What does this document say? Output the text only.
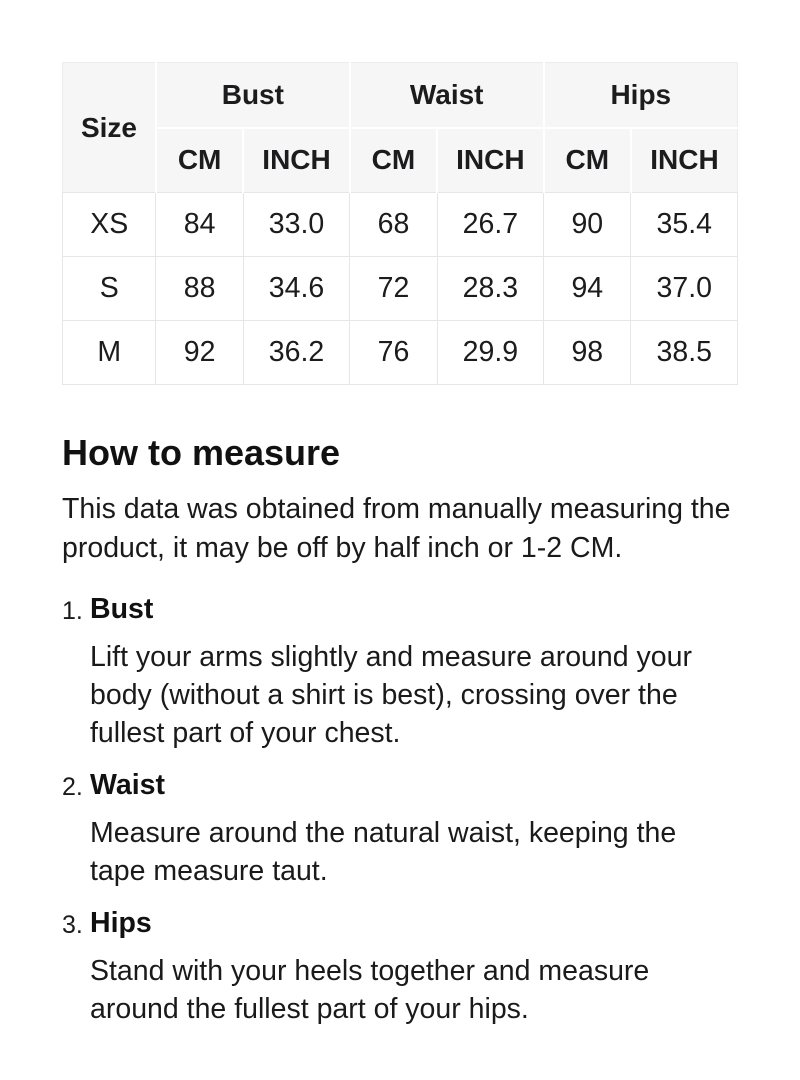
Size	Bust		Waist		Hips	
	CM	INCH	CM	INCH	CM	INCH
XS	84	33.0	68	26.7	90	35.4
S	88	34.6	72	28.3	94	37.0
M	92	36.2	76	29.9	98	38.5
How to measure

This data was obtained from manually measuring the product, it may be off by half inch or 1-2 CM.

1. Bust

Lift your arms slightly and measure around your body (without a shirt is best), crossing over the fullest part of your chest.

2. Waist

Measure around the natural waist, keeping the tape measure taut.

3. Hips

Stand with your heels together and measure around the fullest part of your hips.
